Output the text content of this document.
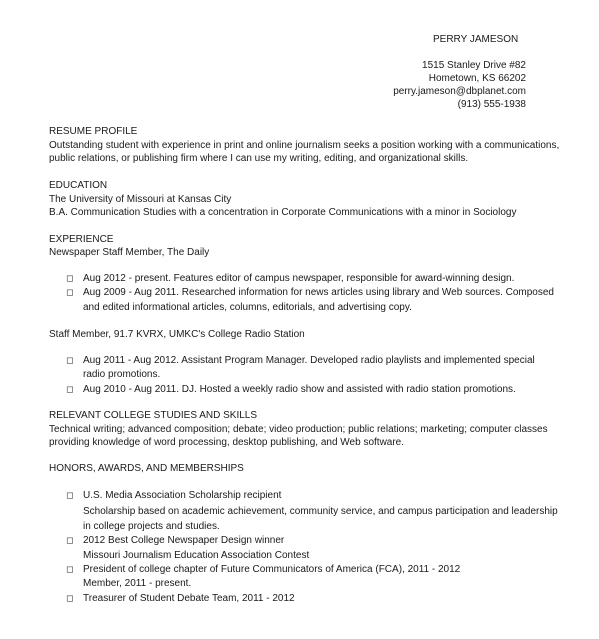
PERRY JAMESON
1515 Stanley Drive #82
Hometown, KS 66202
perry.jameson@dbplanet.com
(913) 555-1938
RESUME PROFILE

Outstanding student with experience in print and online journalism seeks a position working with a communications,

public relations, or publishing firm where I can use my writing, editing, and organizational skills.

EDUCATION

The University of Missouri at Kansas City

B.A. Communication Studies with a concentration in Corporate Communications with a minor in Sociology

EXPERIENCE
Newspaper Staff Member, The Daily
◻ Aug 2012 - present. Features editor of campus newspaper, responsible for award-winning design.
◻ Aug 2009 - Aug 2011. Researched information for news articles using library and Web sources. Composed
and edited informational articles, columns, editorials, and advertising copy.
Staff Member, 91.7 KVRX, UMKC's College Radio Station
◻ Aug 2011 - Aug 2012. Assistant Program Manager. Developed radio playlists and implemented special
radio promotions.
◻ Aug 2010 - Aug 2011. DJ. Hosted a weekly radio show and assisted with radio station promotions.
RELEVANT COLLEGE STUDIES AND SKILLS

Technical writing; advanced composition; debate; video production; public relations; marketing; computer classes

providing knowledge of word processing, desktop publishing, and Web software.

HONORS, AWARDS, AND MEMBERSHIPS
◻ U.S. Media Association Scholarship recipient
Scholarship based on academic achievement, community service, and campus participation and leadership
in college projects and studies.
◻ 2012 Best College Newspaper Design winner
Missouri Journalism Education Association Contest
◻ President of college chapter of Future Communicators of America (FCA), 2011 - 2012
Member, 2011 - present.
◻ Treasurer of Student Debate Team, 2011 - 2012
